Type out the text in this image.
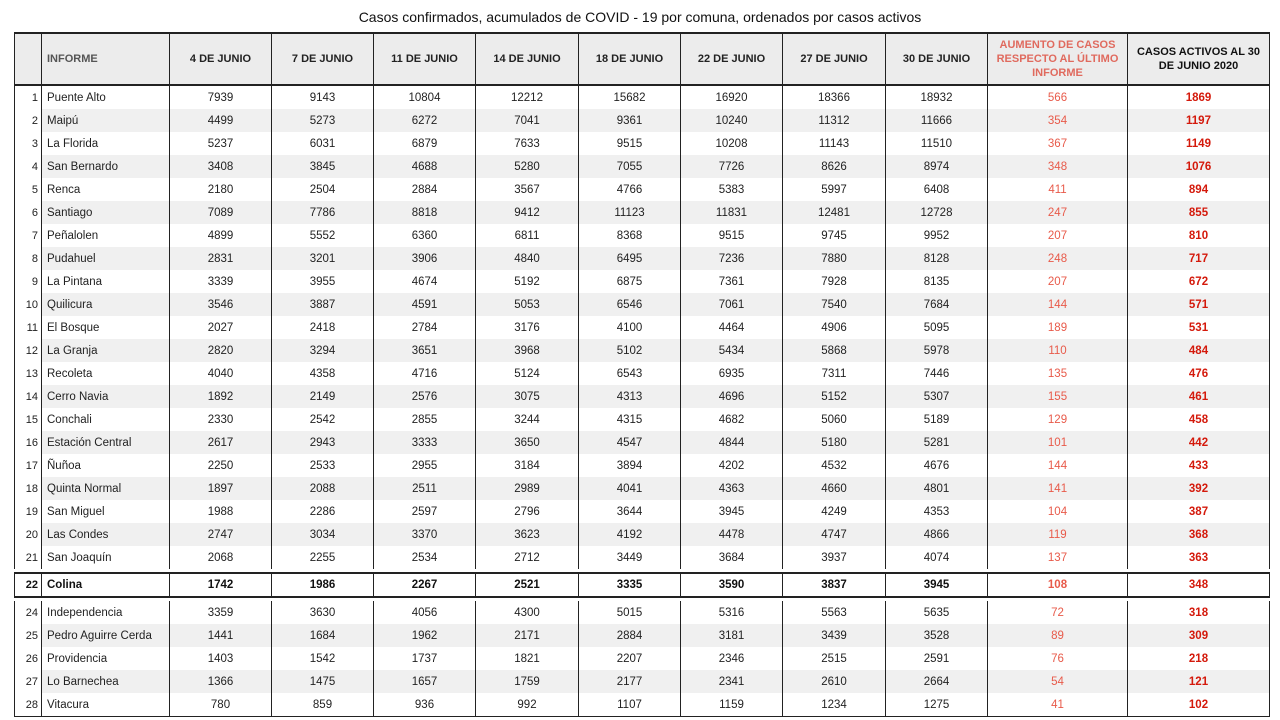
Casos confirmados, acumulados de COVID - 19 por comuna, ordenados por casos activos
	INFORME	4 DE JUNIO	7 DE JUNIO	11 DE JUNIO	14 DE JUNIO	18 DE JUNIO	22 DE JUNIO	27 DE JUNIO	30 DE JUNIO	AUMENTO DE CASOS RESPECTO AL ÚLTIMO INFORME	CASOS ACTIVOS AL 30 DE JUNIO 2020
1	Puente Alto	7939	9143	10804	12212	15682	16920	18366	18932	566	1869
2	Maipú	4499	5273	6272	7041	9361	10240	11312	11666	354	1197
3	La Florida	5237	6031	6879	7633	9515	10208	11143	11510	367	1149
4	San Bernardo	3408	3845	4688	5280	7055	7726	8626	8974	348	1076
5	Renca	2180	2504	2884	3567	4766	5383	5997	6408	411	894
6	Santiago	7089	7786	8818	9412	11123	11831	12481	12728	247	855
7	Peñalolen	4899	5552	6360	6811	8368	9515	9745	9952	207	810
8	Pudahuel	2831	3201	3906	4840	6495	7236	7880	8128	248	717
9	La Pintana	3339	3955	4674	5192	6875	7361	7928	8135	207	672
10	Quilicura	3546	3887	4591	5053	6546	7061	7540	7684	144	571
11	El Bosque	2027	2418	2784	3176	4100	4464	4906	5095	189	531
12	La Granja	2820	3294	3651	3968	5102	5434	5868	5978	110	484
13	Recoleta	4040	4358	4716	5124	6543	6935	7311	7446	135	476
14	Cerro Navia	1892	2149	2576	3075	4313	4696	5152	5307	155	461
15	Conchali	2330	2542	2855	3244	4315	4682	5060	5189	129	458
16	Estación Central	2617	2943	3333	3650	4547	4844	5180	5281	101	442
17	Ñuñoa	2250	2533	2955	3184	3894	4202	4532	4676	144	433
18	Quinta Normal	1897	2088	2511	2989	4041	4363	4660	4801	141	392
19	San Miguel	1988	2286	2597	2796	3644	3945	4249	4353	104	387
20	Las Condes	2747	3034	3370	3623	4192	4478	4747	4866	119	368
21	San Joaquín	2068	2255	2534	2712	3449	3684	3937	4074	137	363

22	Colina	1742	1986	2267	2521	3335	3590	3837	3945	108	348

24	Independencia	3359	3630	4056	4300	5015	5316	5563	5635	72	318
25	Pedro Aguirre Cerda	1441	1684	1962	2171	2884	3181	3439	3528	89	309
26	Providencia	1403	1542	1737	1821	2207	2346	2515	2591	76	218
27	Lo Barnechea	1366	1475	1657	1759	2177	2341	2610	2664	54	121
28	Vitacura	780	859	936	992	1107	1159	1234	1275	41	102
